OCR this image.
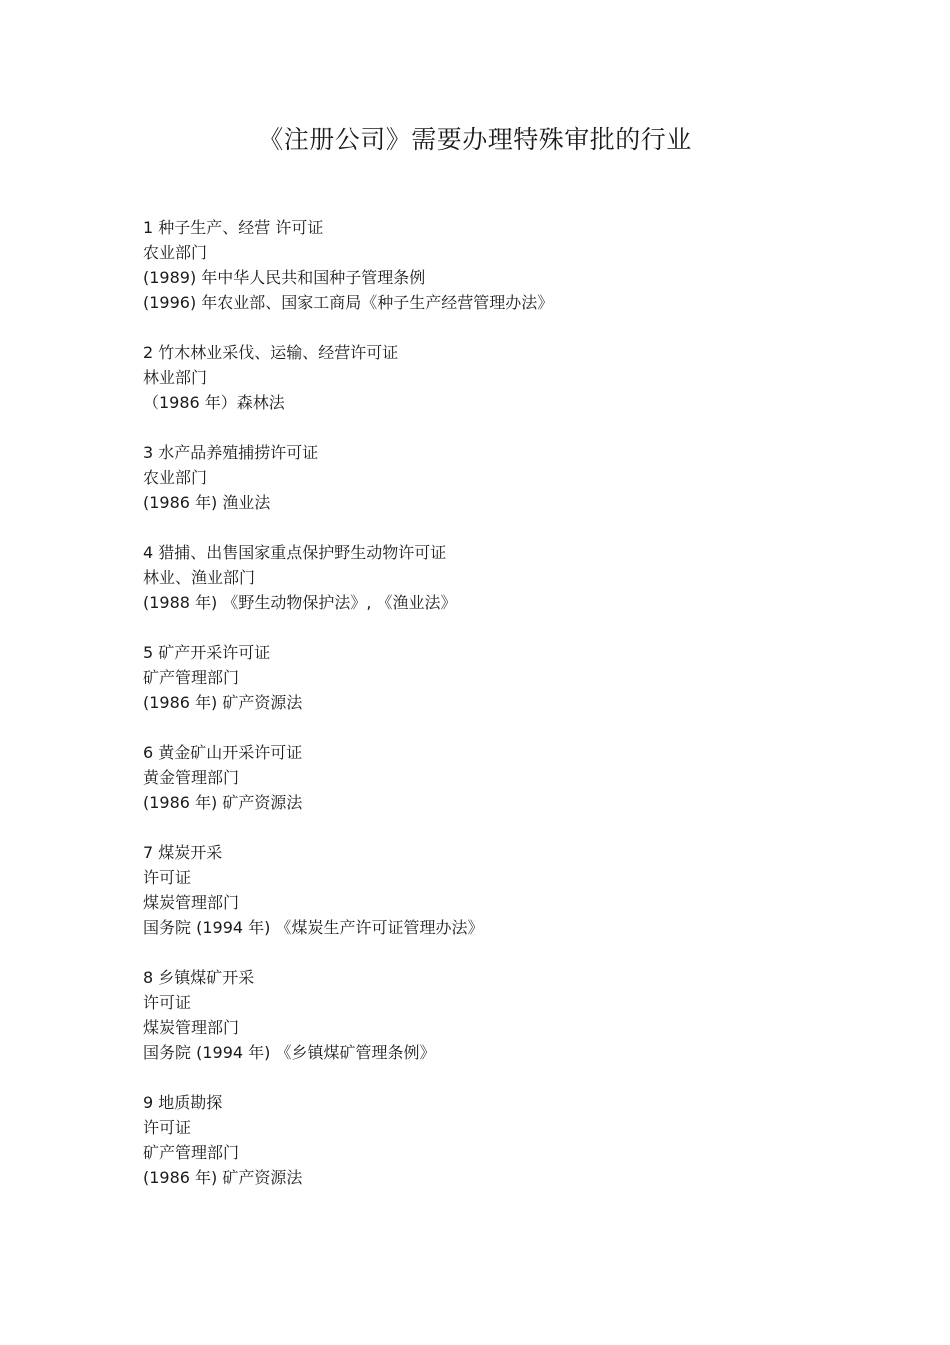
《注册公司》需要办理特殊审批的行业
1 种子生产、经营 许可证
农业部门
(1989) 年中华人民共和国种子管理条例
(1996) 年农业部、国家工商局《种子生产经营管理办法》
2 竹木林业采伐、运输、经营许可证
林业部门
（1986 年）森林法
3 水产品养殖捕捞许可证
农业部门
(1986 年) 渔业法
4 猎捕、出售国家重点保护野生动物许可证
林业、渔业部门
(1988 年) 《野生动物保护法》, 《渔业法》
5 矿产开采许可证
矿产管理部门
(1986 年) 矿产资源法
6 黄金矿山开采许可证
黄金管理部门
(1986 年) 矿产资源法
7 煤炭开采
许可证
煤炭管理部门
国务院 (1994 年) 《煤炭生产许可证管理办法》
8 乡镇煤矿开采
许可证
煤炭管理部门
国务院 (1994 年) 《乡镇煤矿管理条例》
9 地质勘探
许可证
矿产管理部门
(1986 年) 矿产资源法
